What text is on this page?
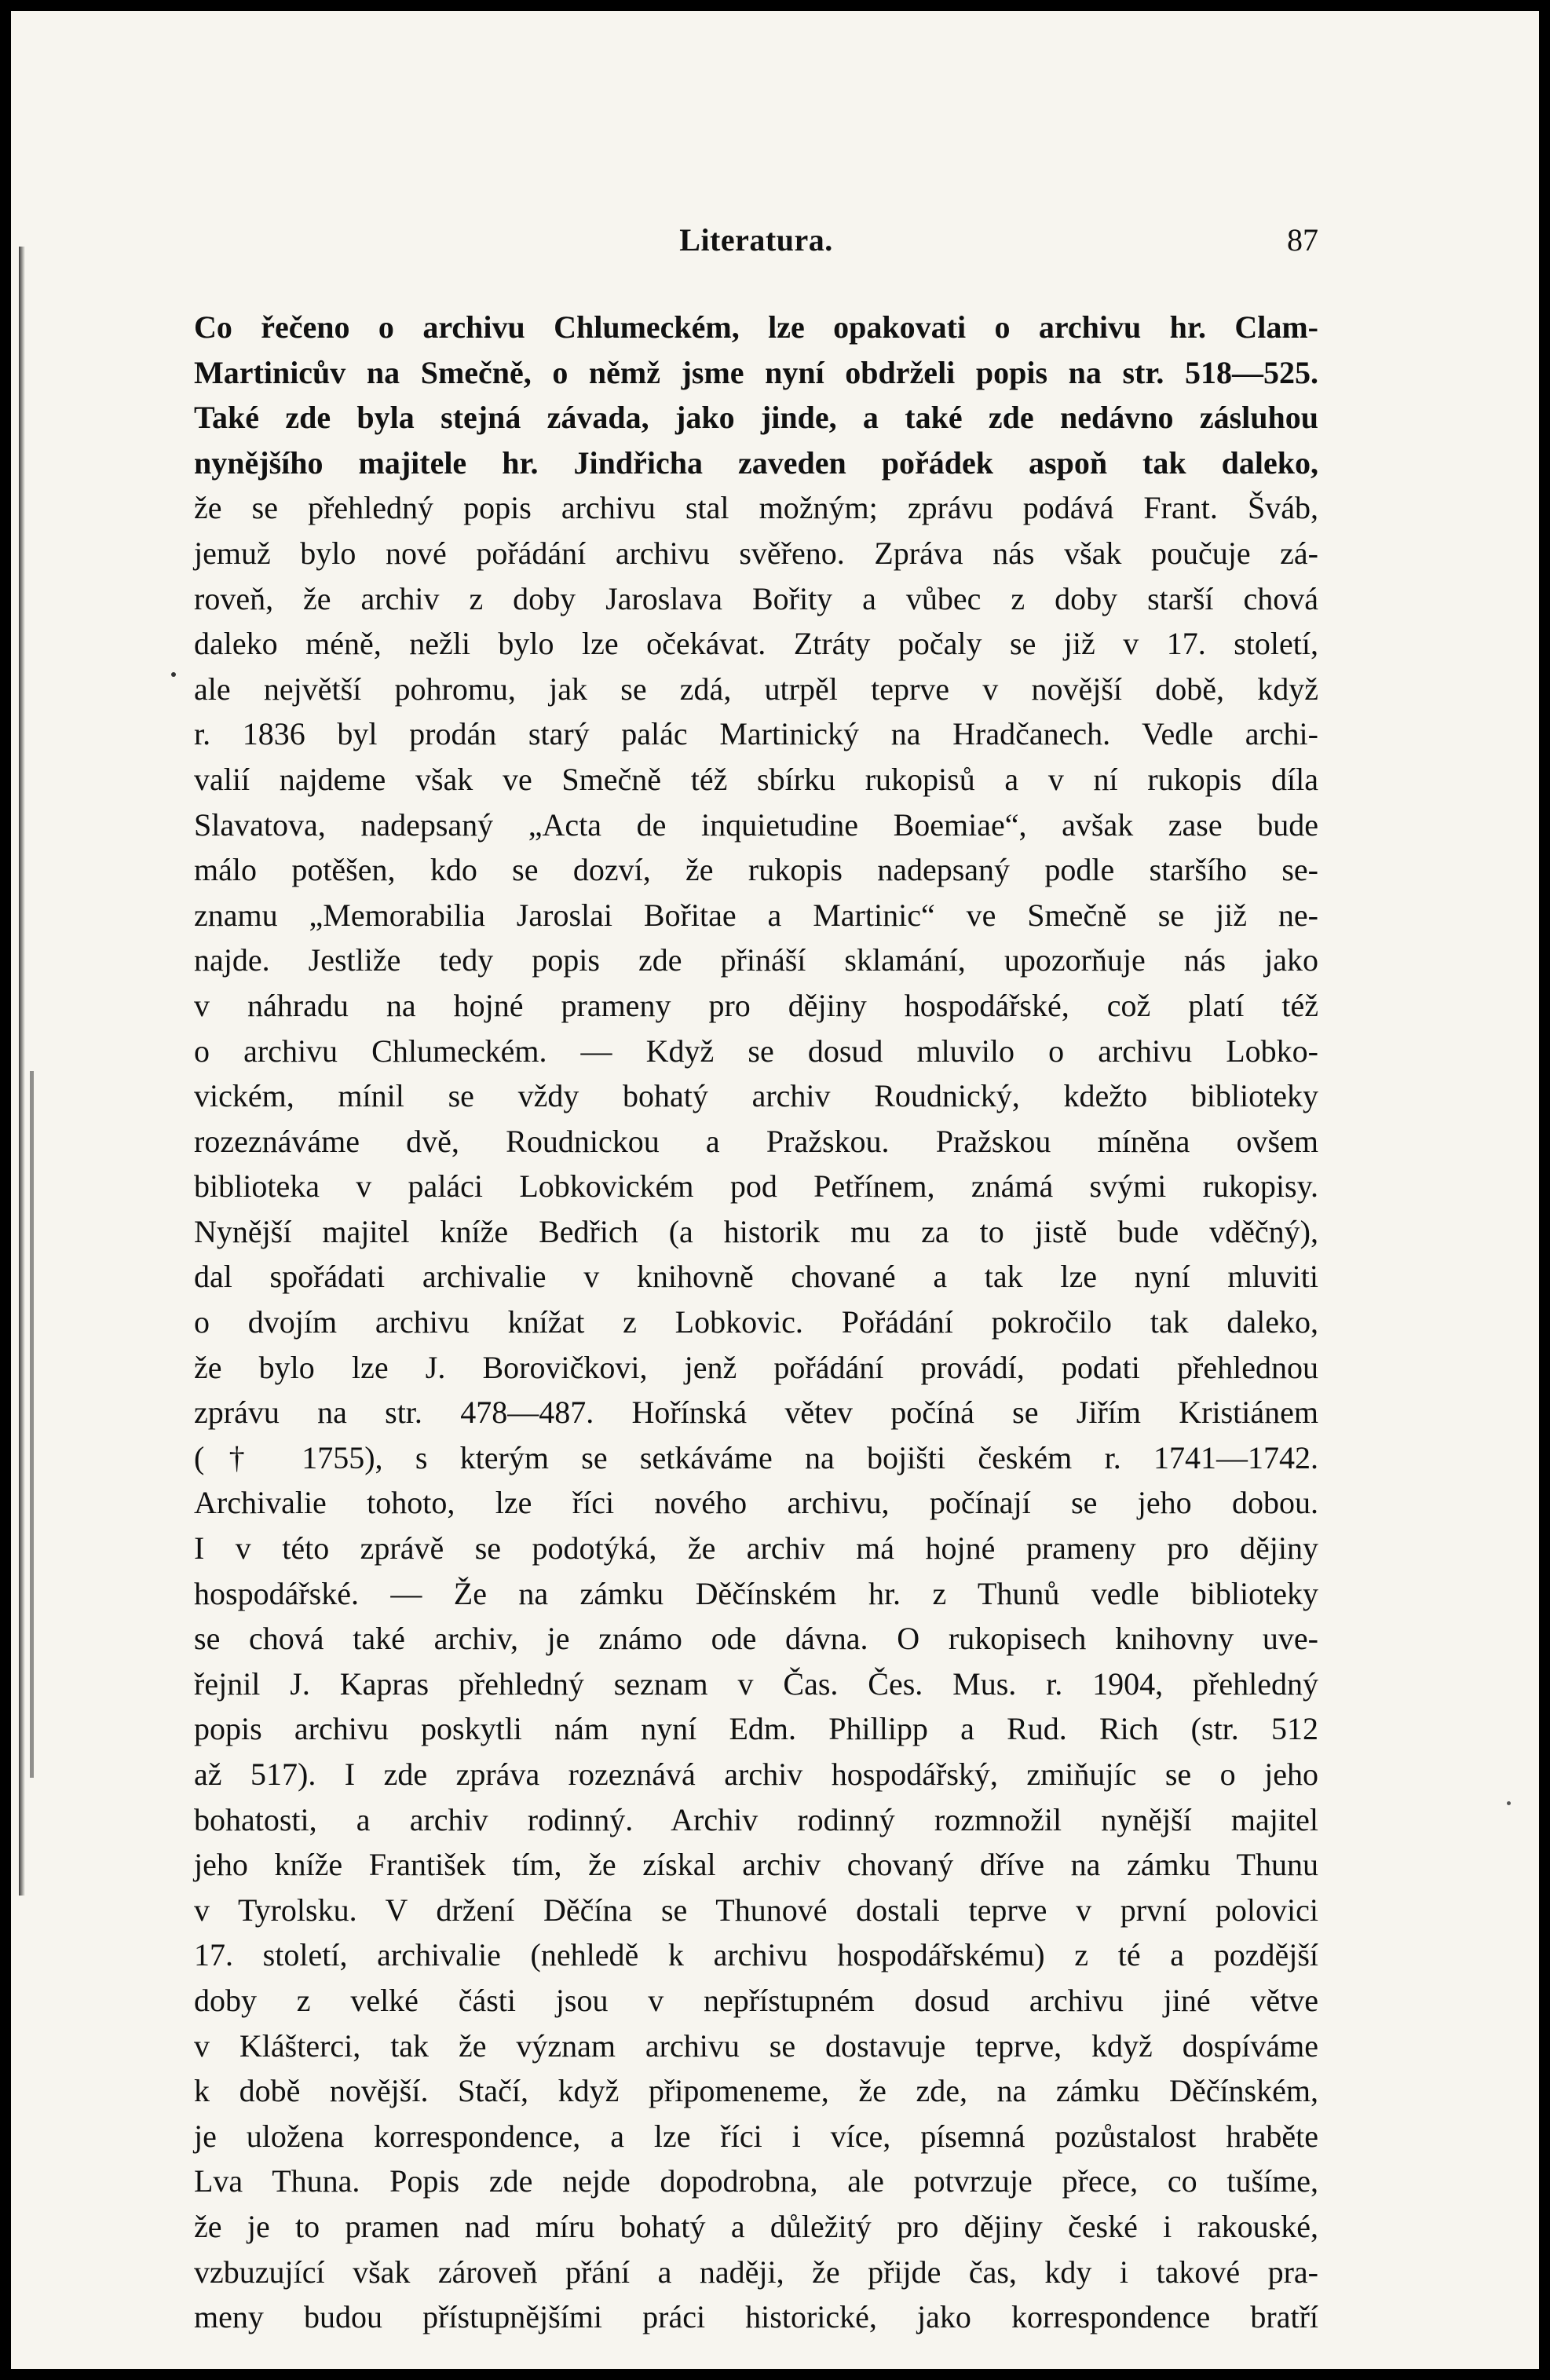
Literatura.	87
Co řečeno o archivu Chlumeckém, lze opakovati o archivu hr. Clam-
Martinicův na Smečně, o němž jsme nyní obdrželi popis na str. 518—525.
Také zde byla stejná závada, jako jinde, a také zde nedávno zásluhou
nynějšího majitele hr. Jindřicha zaveden pořádek aspoň tak daleko,
že se přehledný popis archivu stal možným; zprávu podává Frant. Šváb,
jemuž bylo nové pořádání archivu svěřeno. Zpráva nás však poučuje zá-
roveň, že archiv z doby Jaroslava Bořity a vůbec z doby starší chová
daleko méně, nežli bylo lze očekávat. Ztráty počaly se již v 17. století,
ale největší pohromu, jak se zdá, utrpěl teprve v novější době, když
r. 1836 byl prodán starý palác Martinický na Hradčanech. Vedle archi-
valií najdeme však ve Smečně též sbírku rukopisů a v ní rukopis díla
Slavatova, nadepsaný „Acta de inquietudine Boemiae“, avšak zase bude
málo potěšen, kdo se dozví, že rukopis nadepsaný podle staršího se-
znamu „Memorabilia Jaroslai Bořitae a Martinic“ ve Smečně se již ne-
najde. Jestliže tedy popis zde přináší sklamání, upozorňuje nás jako
v náhradu na hojné prameny pro dějiny hospodářské, což platí též
o archivu Chlumeckém. — Když se dosud mluvilo o archivu Lobko-
vickém, mínil se vždy bohatý archiv Roudnický, kdežto biblioteky
rozeznáváme dvě, Roudnickou a Pražskou. Pražskou míněna ovšem
biblioteka v paláci Lobkovickém pod Petřínem, známá svými rukopisy.
Nynější majitel kníže Bedřich (a historik mu za to jistě bude vděčný),
dal spořádati archivalie v knihovně chované a tak lze nyní mluviti
o dvojím archivu knížat z Lobkovic. Pořádání pokročilo tak daleko,
že bylo lze J. Borovičkovi, jenž pořádání provádí, podati přehlednou
zprávu na str. 478—487. Hořínská větev počíná se Jiřím Kristiánem
(† 1755), s kterým se setkáváme na bojišti českém r. 1741—1742.
Archivalie tohoto, lze říci nového archivu, počínají se jeho dobou.
I v této zprávě se podotýká, že archiv má hojné prameny pro dějiny
hospodářské. — Že na zámku Děčínském hr. z Thunů vedle biblioteky
se chová také archiv, je známo ode dávna. O rukopisech knihovny uve-
řejnil J. Kapras přehledný seznam v Čas. Čes. Mus. r. 1904, přehledný
popis archivu poskytli nám nyní Edm. Phillipp a Rud. Rich (str. 512
až 517). I zde zpráva rozeznává archiv hospodářský, zmiňujíc se o jeho
bohatosti, a archiv rodinný. Archiv rodinný rozmnožil nynější majitel
jeho kníže František tím, že získal archiv chovaný dříve na zámku Thunu
v Tyrolsku. V držení Děčína se Thunové dostali teprve v první polovici
17. století, archivalie (nehledě k archivu hospodářskému) z té a pozdější
doby z velké části jsou v nepřístupném dosud archivu jiné větve
v Klášterci, tak že význam archivu se dostavuje teprve, když dospíváme
k době novější. Stačí, když připomeneme, že zde, na zámku Děčínském,
je uložena korrespondence, a lze říci i více, písemná pozůstalost hraběte
Lva Thuna. Popis zde nejde dopodrobna, ale potvrzuje přece, co tušíme,
že je to pramen nad míru bohatý a důležitý pro dějiny české i rakouské,
vzbuzující však zároveň přání a naději, že přijde čas, kdy i takové pra-
meny budou přístupnějšími práci historické, jako korrespondence bratří
